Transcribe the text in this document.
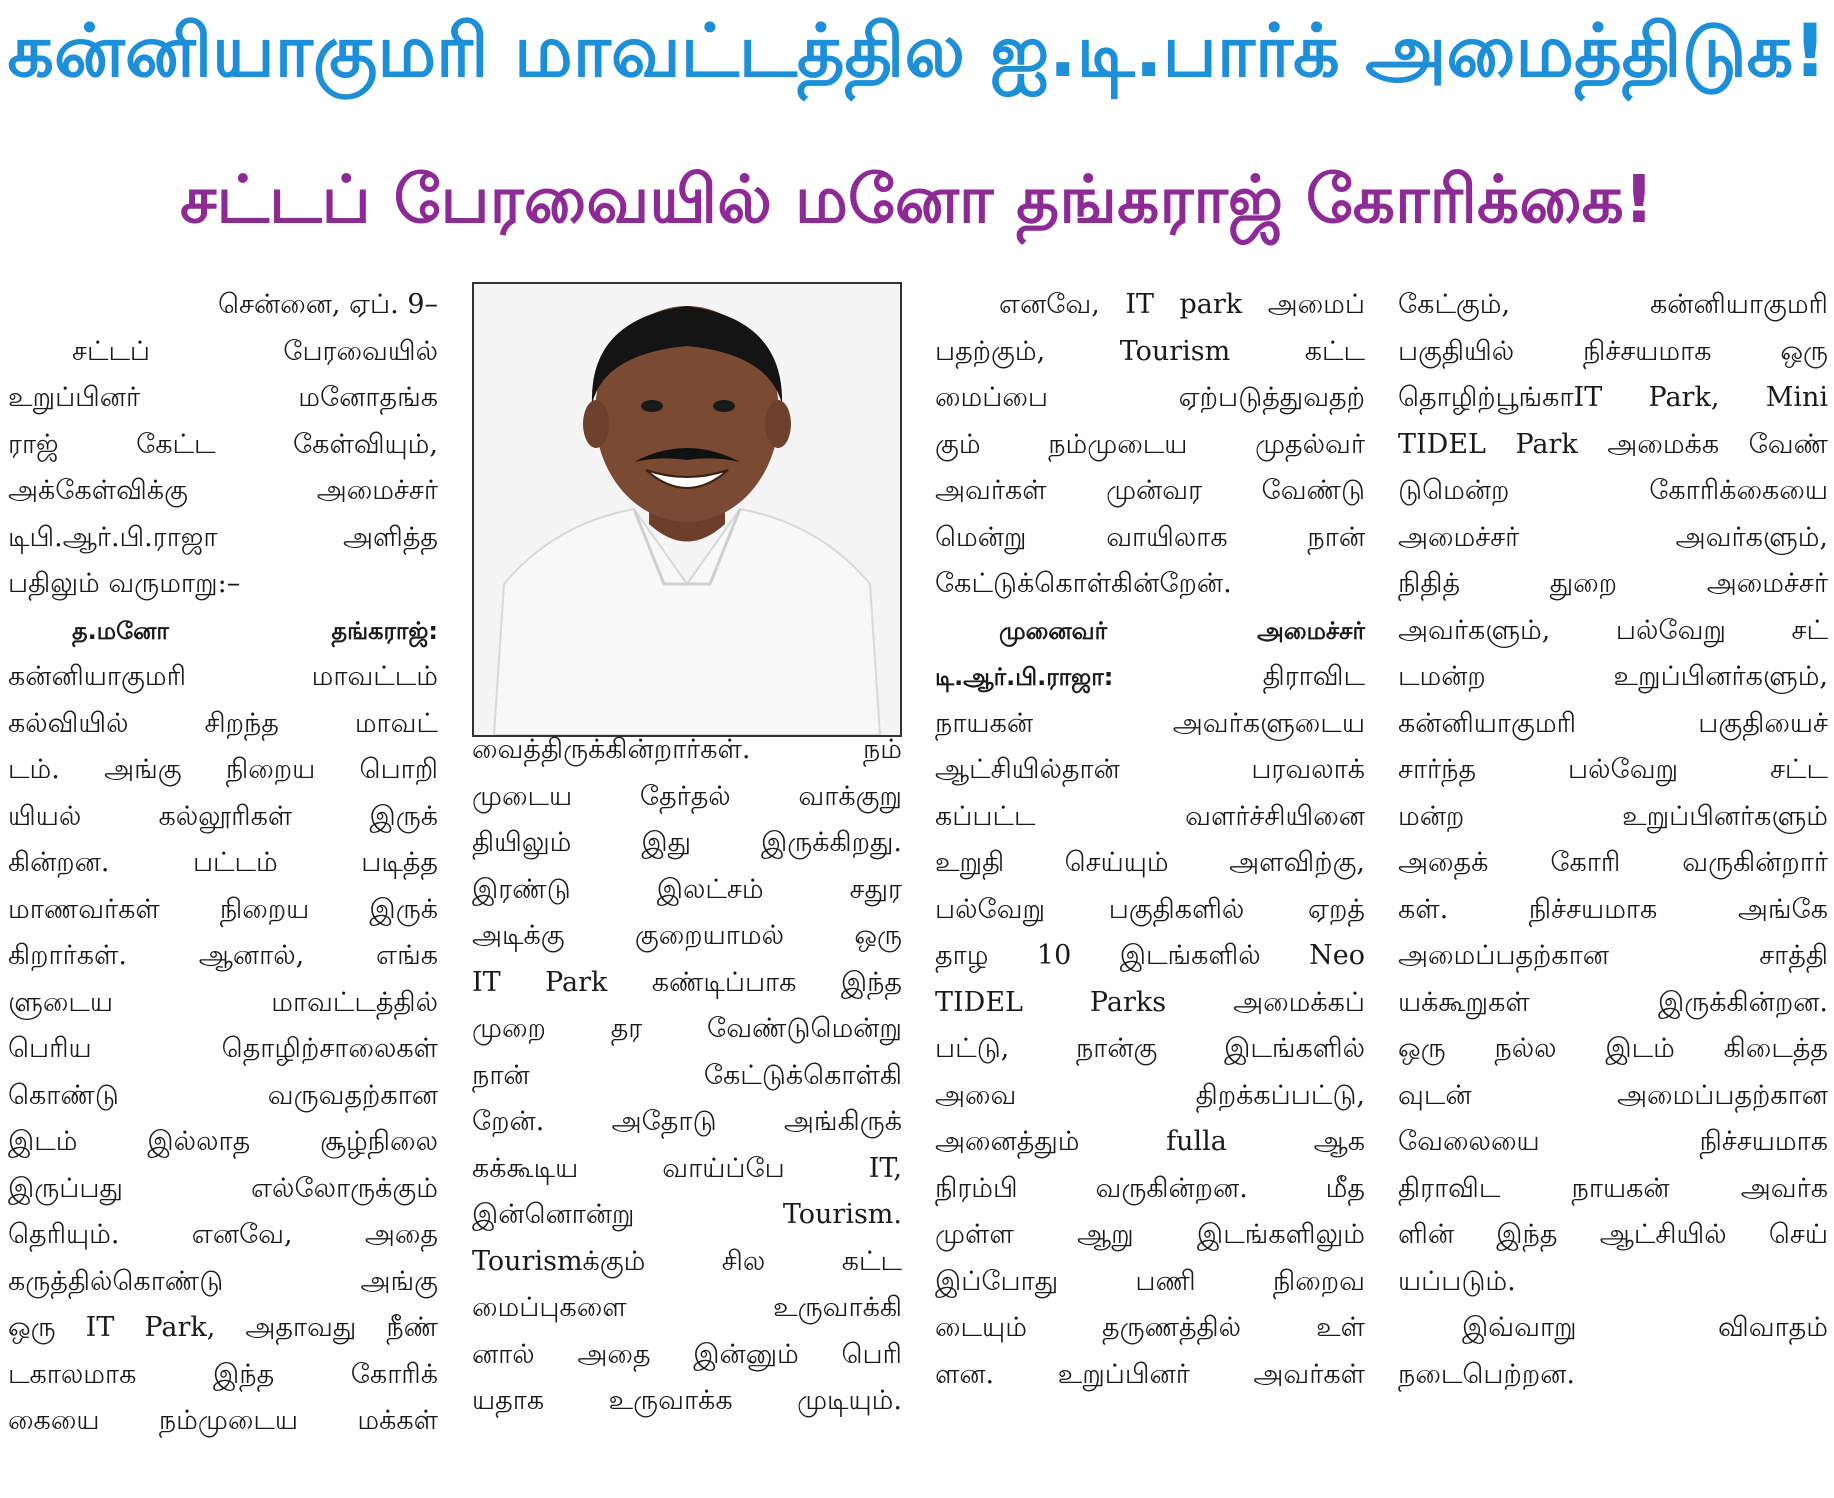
கன்னியாகுமரி மாவட்டத்தில ஐ.டி.பார்க் அமைத்திடுக!
சட்டப் பேரவையில் மனோ தங்கராஜ் கோரிக்கை!

சென்னை, ஏப். 9–

சட்டப் பேரவையில்

உறுப்பினர் மனோதங்க

ராஜ் கேட்ட கேள்வியும்,

அக்கேள்விக்கு அமைச்சர்

டிபி.ஆர்.பி.ராஜா அளித்த

பதிலும் வருமாறு:–

த.மனோ தங்கராஜ்:

கன்னியாகுமரி மாவட்டம்

கல்வியில் சிறந்த மாவட்

டம். அங்கு நிறைய பொறி

யியல் கல்லூரிகள் இருக்

கின்றன. பட்டம் படித்த

மாணவர்கள் நிறைய இருக்

கிறார்கள். ஆனால், எங்க

ளுடைய மாவட்டத்தில்

பெரிய தொழிற்சாலைகள்

கொண்டு வருவதற்கான

இடம் இல்லாத சூழ்நிலை

இருப்பது எல்லோருக்கும்

தெரியும். எனவே, அதை

கருத்தில்கொண்டு அங்கு

ஒரு IT Park, அதாவது நீண்

டகாலமாக இந்த கோரிக்

கையை நம்முடைய மக்கள்

வைத்திருக்கின்றார்கள். நம்

முடைய தேர்தல் வாக்குறு

தியிலும் இது இருக்கிறது.

இரண்டு இலட்சம் சதுர

அடிக்கு குறையாமல் ஒரு

IT Park கண்டிப்பாக இந்த

முறை தர வேண்டுமென்று

நான் கேட்டுக்கொள்கி

றேன். அதோடு அங்கிருக்

கக்கூடிய வாய்ப்பே IT,

இன்னொன்று Tourism.

Tourismக்கும் சில கட்ட

மைப்புகளை உருவாக்கி

னால் அதை இன்னும் பெரி

யதாக உருவாக்க முடியும்.

எனவே, IT park அமைப்

பதற்கும், Tourism கட்ட

மைப்பை ஏற்படுத்துவதற்

கும் நம்முடைய முதல்வர்

அவர்கள் முன்வர வேண்டு

மென்று வாயிலாக நான்

கேட்டுக்கொள்கின்றேன்.

முனைவர் அமைச்சர்

டி.ஆர்.பி.ராஜா:	திராவிட

நாயகன் அவர்களுடைய

ஆட்சியில்தான் பரவலாக்

கப்பட்ட வளர்ச்சியினை

உறுதி செய்யும் அளவிற்கு,

பல்வேறு பகுதிகளில் ஏறத்

தாழ 10 இடங்களில் Neo

TIDEL Parks அமைக்கப்

பட்டு, நான்கு இடங்களில்

அவை திறக்கப்பட்டு,

அனைத்தும் fulla ஆக

நிரம்பி வருகின்றன. மீத

முள்ள ஆறு இடங்களிலும்

இப்போது பணி நிறைவ

டையும் தருணத்தில் உள்

ளன. உறுப்பினர் அவர்கள்

கேட்கும், கன்னியாகுமரி

பகுதியில் நிச்சயமாக ஒரு

தொழிற்பூங்காIT Park, Mini

TIDEL Park அமைக்க வேண்

டுமென்ற கோரிக்கையை

அமைச்சர் அவர்களும்,

நிதித் துறை அமைச்சர்

அவர்களும், பல்வேறு சட்

டமன்ற உறுப்பினர்களும்,

கன்னியாகுமரி பகுதியைச்

சார்ந்த பல்வேறு சட்ட

மன்ற உறுப்பினர்களும்

அதைக் கோரி வருகின்றார்

கள். நிச்சயமாக அங்கே

அமைப்பதற்கான சாத்தி

யக்கூறுகள் இருக்கின்றன.

ஒரு நல்ல இடம் கிடைத்த

வுடன் அமைப்பதற்கான

வேலையை நிச்சயமாக

திராவிட நாயகன் அவர்க

ளின் இந்த ஆட்சியில் செய்

யப்படும்.

இவ்வாறு விவாதம்

நடைபெற்றன.
